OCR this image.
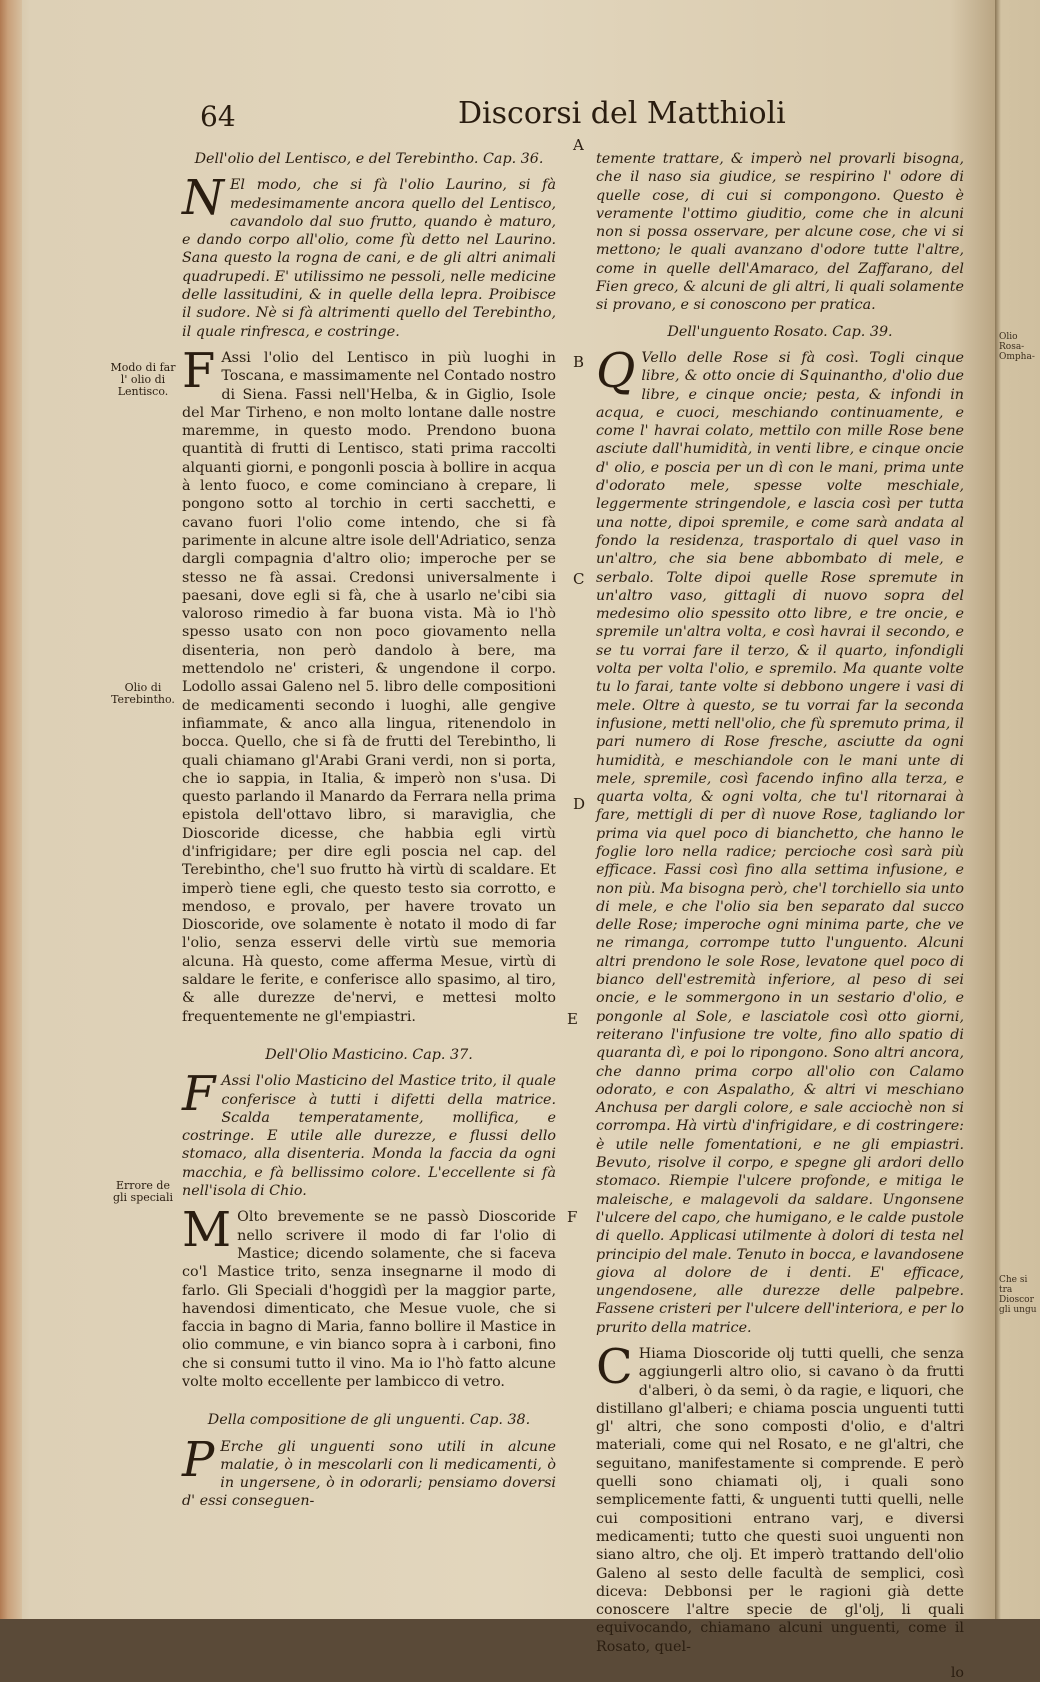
Olio Rosa- Ompha-
Che si tra Dioscor gli ungu
64	Discorsi del Matthioli
Modo di far l' olio di Lentisco.
Olio di Terebintho.
Errore de gli speciali
A
B
C
D
E
F
Dell'olio del Lentisco, e del Terebintho. Cap. 36.

N El modo, che si fà l'olio Laurino, si fà medesimamente ancora quello del Lentisco, cavandolo dal suo frutto, quando è maturo, e dando corpo all'olio, come fù detto nel Laurino. Sana questo la rogna de cani, e de gli altri animali quadrupedi. E' utilissimo ne pessoli, nelle medicine delle lassitudini, & in quelle della lepra. Proibisce il sudore. Nè si fà altrimenti quello del Terebintho, il quale rinfresca, e costringe.

F Assi l'olio del Lentisco in più luoghi in Toscana, e massimamente nel Contado nostro di Siena. Fassi nell'Helba, & in Giglio, Isole del Mar Tirheno, e non molto lontane dalle nostre maremme, in questo modo. Prendono buona quantità di frutti di Lentisco, stati prima raccolti alquanti giorni, e pongonli poscia à bollire in acqua à lento fuoco, e come cominciano à crepare, li pongono sotto al torchio in certi sacchetti, e cavano fuori l'olio come intendo, che si fà parimente in alcune altre isole dell'Adriatico, senza dargli compagnia d'altro olio; imperoche per se stesso ne fà assai. Credonsi universalmente i paesani, dove egli si fà, che à usarlo ne'cibi sia valoroso rimedio à far buona vista. Mà io l'hò spesso usato con non poco giovamento nella disenteria, non però dandolo à bere, ma mettendolo ne' cristeri, & ungendone il corpo. Lodollo assai Galeno nel 5. libro delle compositioni de medicamenti secondo i luoghi, alle gengive infiammate, & anco alla lingua, ritenendolo in bocca. Quello, che si fà de frutti del Terebintho, li quali chiamano gl'Arabi Grani verdi, non si porta, che io sappia, in Italia, & imperò non s'usa. Di questo parlando il Manardo da Ferrara nella prima epistola dell'ottavo libro, si maraviglia, che Dioscoride dicesse, che habbia egli virtù d'infrigidare; per dire egli poscia nel cap. del Terebintho, che'l suo frutto hà virtù di scaldare. Et imperò tiene egli, che questo testo sia corrotto, e mendoso, e provalo, per havere trovato un Dioscoride, ove solamente è notato il modo di far l'olio, senza esservi delle virtù sue memoria alcuna. Hà questo, come afferma Mesue, virtù di saldare le ferite, e conferisce allo spasimo, al tiro, & alle durezze de'nervi, e mettesi molto frequentemente ne gl'empiastri.

Dell'Olio Masticino. Cap. 37.

F Assi l'olio Masticino del Mastice trito, il quale conferisce à tutti i difetti della matrice. Scalda temperatamente, mollifica, e costringe. E utile alle durezze, e flussi dello stomaco, alla disenteria. Monda la faccia da ogni macchia, e fà bellissimo colore. L'eccellente si fà nell'isola di Chio.

M Olto brevemente se ne passò Dioscoride nello scrivere il modo di far l'olio di Mastice; dicendo solamente, che si faceva co'l Mastice trito, senza insegnarne il modo di farlo. Gli Speciali d'hoggidì per la maggior parte, havendosi dimenticato, che Mesue vuole, che si faccia in bagno di Maria, fanno bollire il Mastice in olio commune, e vin bianco sopra à i carboni, fino che si consumi tutto il vino. Ma io l'hò fatto alcune volte molto eccellente per lambicco di vetro.

Della compositione de gli unguenti. Cap. 38.

P Erche gli unguenti sono utili in alcune malatie, ò in mescolarli con li medicamenti, ò in ungersene, ò in odorarli; pensiamo doversi d' essi conseguen-

temente trattare, & imperò nel provarli bisogna, che il naso sia giudice, se respirino l' odore di quelle cose, di cui si compongono. Questo è veramente l'ottimo giuditio, come che in alcuni non si possa osservare, per alcune cose, che vi si mettono; le quali avanzano d'odore tutte l'altre, come in quelle dell'Amaraco, del Zaffarano, del Fien greco, & alcuni de gli altri, li quali solamente si provano, e si conoscono per pratica.

Dell'unguento Rosato. Cap. 39.

Q Vello delle Rose si fà così. Togli cinque libre, & otto oncie di Squinantho, d'olio due libre, e cinque oncie; pesta, & infondi in acqua, e cuoci, meschiando continuamente, e come l' havrai colato, mettilo con mille Rose bene asciute dall'humidità, in venti libre, e cinque oncie d' olio, e poscia per un dì con le mani, prima unte d'odorato mele, spesse volte meschiale, leggermente stringendole, e lascia così per tutta una notte, dipoi spremile, e come sarà andata al fondo la residenza, trasportalo di quel vaso in un'altro, che sia bene abbombato di mele, e serbalo. Tolte dipoi quelle Rose spremute in un'altro vaso, gittagli di nuovo sopra del medesimo olio spessito otto libre, e tre oncie, e spremile un'altra volta, e così havrai il secondo, e se tu vorrai fare il terzo, & il quarto, infondigli volta per volta l'olio, e spremilo. Ma quante volte tu lo farai, tante volte si debbono ungere i vasi di mele. Oltre à questo, se tu vorrai far la seconda infusione, metti nell'olio, che fù spremuto prima, il pari numero di Rose fresche, asciutte da ogni humidità, e meschiandole con le mani unte di mele, spremile, così facendo infino alla terza, e quarta volta, & ogni volta, che tu'l ritornarai à fare, mettigli di per dì nuove Rose, tagliando lor prima via quel poco di bianchetto, che hanno le foglie loro nella radice; percioche così sarà più efficace. Fassi così fino alla settima infusione, e non più. Ma bisogna però, che'l torchiello sia unto di mele, e che l'olio sia ben separato dal succo delle Rose; imperoche ogni minima parte, che ve ne rimanga, corrompe tutto l'unguento. Alcuni altri prendono le sole Rose, levatone quel poco di bianco dell'estremità inferiore, al peso di sei oncie, e le sommergono in un sestario d'olio, e pongonle al Sole, e lasciatole così otto giorni, reiterano l'infusione tre volte, fino allo spatio di quaranta dì, e poi lo ripongono. Sono altri ancora, che danno prima corpo all'olio con Calamo odorato, e con Aspalatho, & altri vi meschiano Anchusa per dargli colore, e sale acciochè non si corrompa. Hà virtù d'infrigidare, e di costringere: è utile nelle fomentationi, e ne gli empiastri. Bevuto, risolve il corpo, e spegne gli ardori dello stomaco. Riempie l'ulcere profonde, e mitiga le maleische, e malagevoli da saldare. Ungonsene l'ulcere del capo, che humigano, e le calde pustole di quello. Applicasi utilmente à dolori di testa nel principio del male. Tenuto in bocca, e lavandosene giova al dolore de i denti. E' efficace, ungendosene, alle durezze delle palpebre. Fassene cristeri per l'ulcere dell'interiora, e per lo prurito della matrice.

C Hiama Dioscoride olj tutti quelli, che senza aggiungerli altro olio, si cavano ò da frutti d'alberi, ò da semi, ò da ragie, e liquori, che distillano gl'alberi; e chiama poscia unguenti tutti gl' altri, che sono composti d'olio, e d'altri materiali, come qui nel Rosato, e ne gl'altri, che seguitano, manifestamente si comprende. E però quelli sono chiamati olj, i quali sono semplicemente fatti, & unguenti tutti quelli, nelle cui compositioni entrano varj, e diversi medicamenti; tutto che questi suoi unguenti non siano altro, che olj. Et imperò trattando dell'olio Galeno al sesto delle facultà de semplici, così diceva: Debbonsi per le ragioni già dette conoscere l'altre specie de gl'olj, li quali equivocando, chiamano alcuni unguenti, come il Rosato, quel-

lo
